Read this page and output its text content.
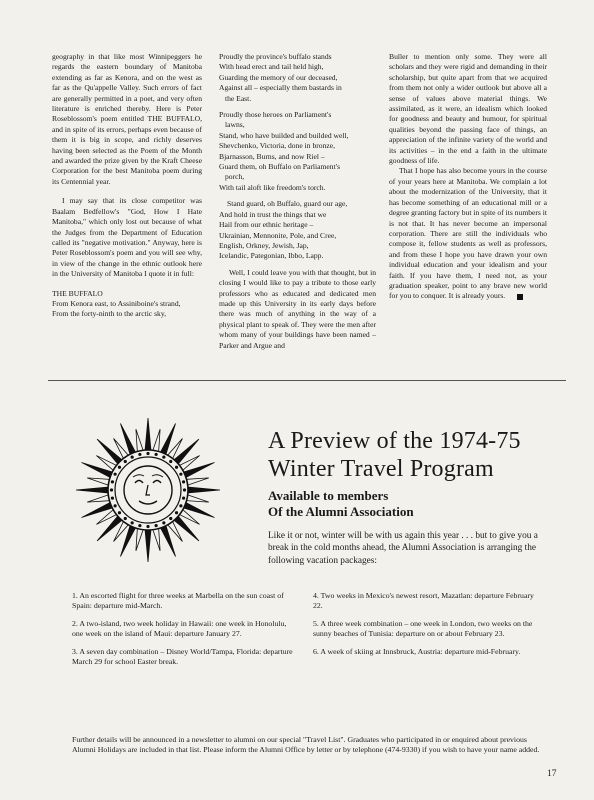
geography in that like most Winnipeggers he regards the eastern boundary of Manitoba extending as far as Kenora, and on the west as far as the Qu'appelle Valley. Such errors of fact are generally permitted in a poet, and very often literature is enriched thereby. Here is Peter Roseblossom's poem entitled THE BUFFALO, and in spite of its errors, perhaps even because of them it is big in scope, and richly deserves having been selected as the Poem of the Month and awarded the prize given by the Kraft Cheese Corporation for the best Manitoba poem during its Centennial year.

I may say that its close competitor was Baalam Bedfellow's "God, How I Hate Manitoba," which only lost out because of what the Judges from the Department of Education called its "negative motivation." Anyway, here is Peter Roseblossom's poem and you will see why, in view of the change in the ethnic outlook here in the University of Manitoba I quote it in full:

THE BUFFALO

From Kenora east, to Assiniboine's strand,

From the forty-ninth to the arctic sky,

Proudly the province's buffalo stands

With head erect and tail held high,

Guarding the memory of our deceased,

Against all – especially them bastards in

the East.

Proudly those heroes on Parliament's

lawns,

Stand, who have builded and builded well,

Shevchenko, Victoria, done in bronze,

Bjarnasson, Burns, and now Riel –

Guard them, oh Buffalo on Parliament's

porch,

With tail aloft like freedom's torch.

Stand guard, oh Buffalo, guard our age,

And hold in trust the things that we

Hail from our ethnic heritage –

Ukrainian, Mennonite, Pole, and Cree,

English, Orkney, Jewish, Jap,

Icelandic, Pategonian, Ibbo, Lapp.

Well, I could leave you with that thought, but in closing I would like to pay a tribute to those early professors who as educated and dedicated men made up this University in its early days before there was much of anything in the way of a physical plant to speak of. They were the men after whom many of your buildings have been named – Parker and Argue and

Buller to mention only some. They were all scholars and they were rigid and demanding in their scholarship, but quite apart from that we acquired from them not only a wider outlook but above all a sense of values above material things. We assimilated, as it were, an idealism which looked for goodness and beauty and humour, for spiritual qualities beyond the passing face of things, an appreciation of the infinite variety of the world and its activities – in the end a faith in the ultimate goodness of life.

That I hope has also become yours in the course of your years here at Manitoba. We complain a lot about the modernization of the University, that it has become something of an educational mill or a degree granting factory but in spite of its numbers it is not that. It has never become an impersonal corporation. There are still the individuals who compose it, fellow students as well as professors, and from these I hope you have drawn your own individual education and your idealism and your faith. If you have them, I need not, as your graduation speaker, point to any brave new world for you to conquer. It is already yours.

A Preview of the 1974-75
Winter Travel Program
Available to members
Of the Alumni Association

Like it or not, winter will be with us again this year . . . but to give you a break in the cold months ahead, the Alumni Association is arranging the following vacation packages:

1. An escorted flight for three weeks at Marbella on the sun coast of Spain: departure mid-March.

2. A two-island, two week holiday in Hawaii: one week in Honolulu, one week on the island of Maui: departure January 27.

3. A seven day combination – Disney World/Tampa, Florida: departure March 29 for school Easter break.

4. Two weeks in Mexico's newest resort, Mazatlan: departure February 22.

5. A three week combination – one week in London, two weeks on the sunny beaches of Tunisia: departure on or about February 23.

6. A week of skiing at Innsbruck, Austria: departure mid-February.

Further details will be announced in a newsletter to alumni on our special "Travel List". Graduates who participated in or enquired about previous Alumni Holidays are included in that list. Please inform the Alumni Office by letter or by telephone (474-9330) if you wish to have your name added.

17
